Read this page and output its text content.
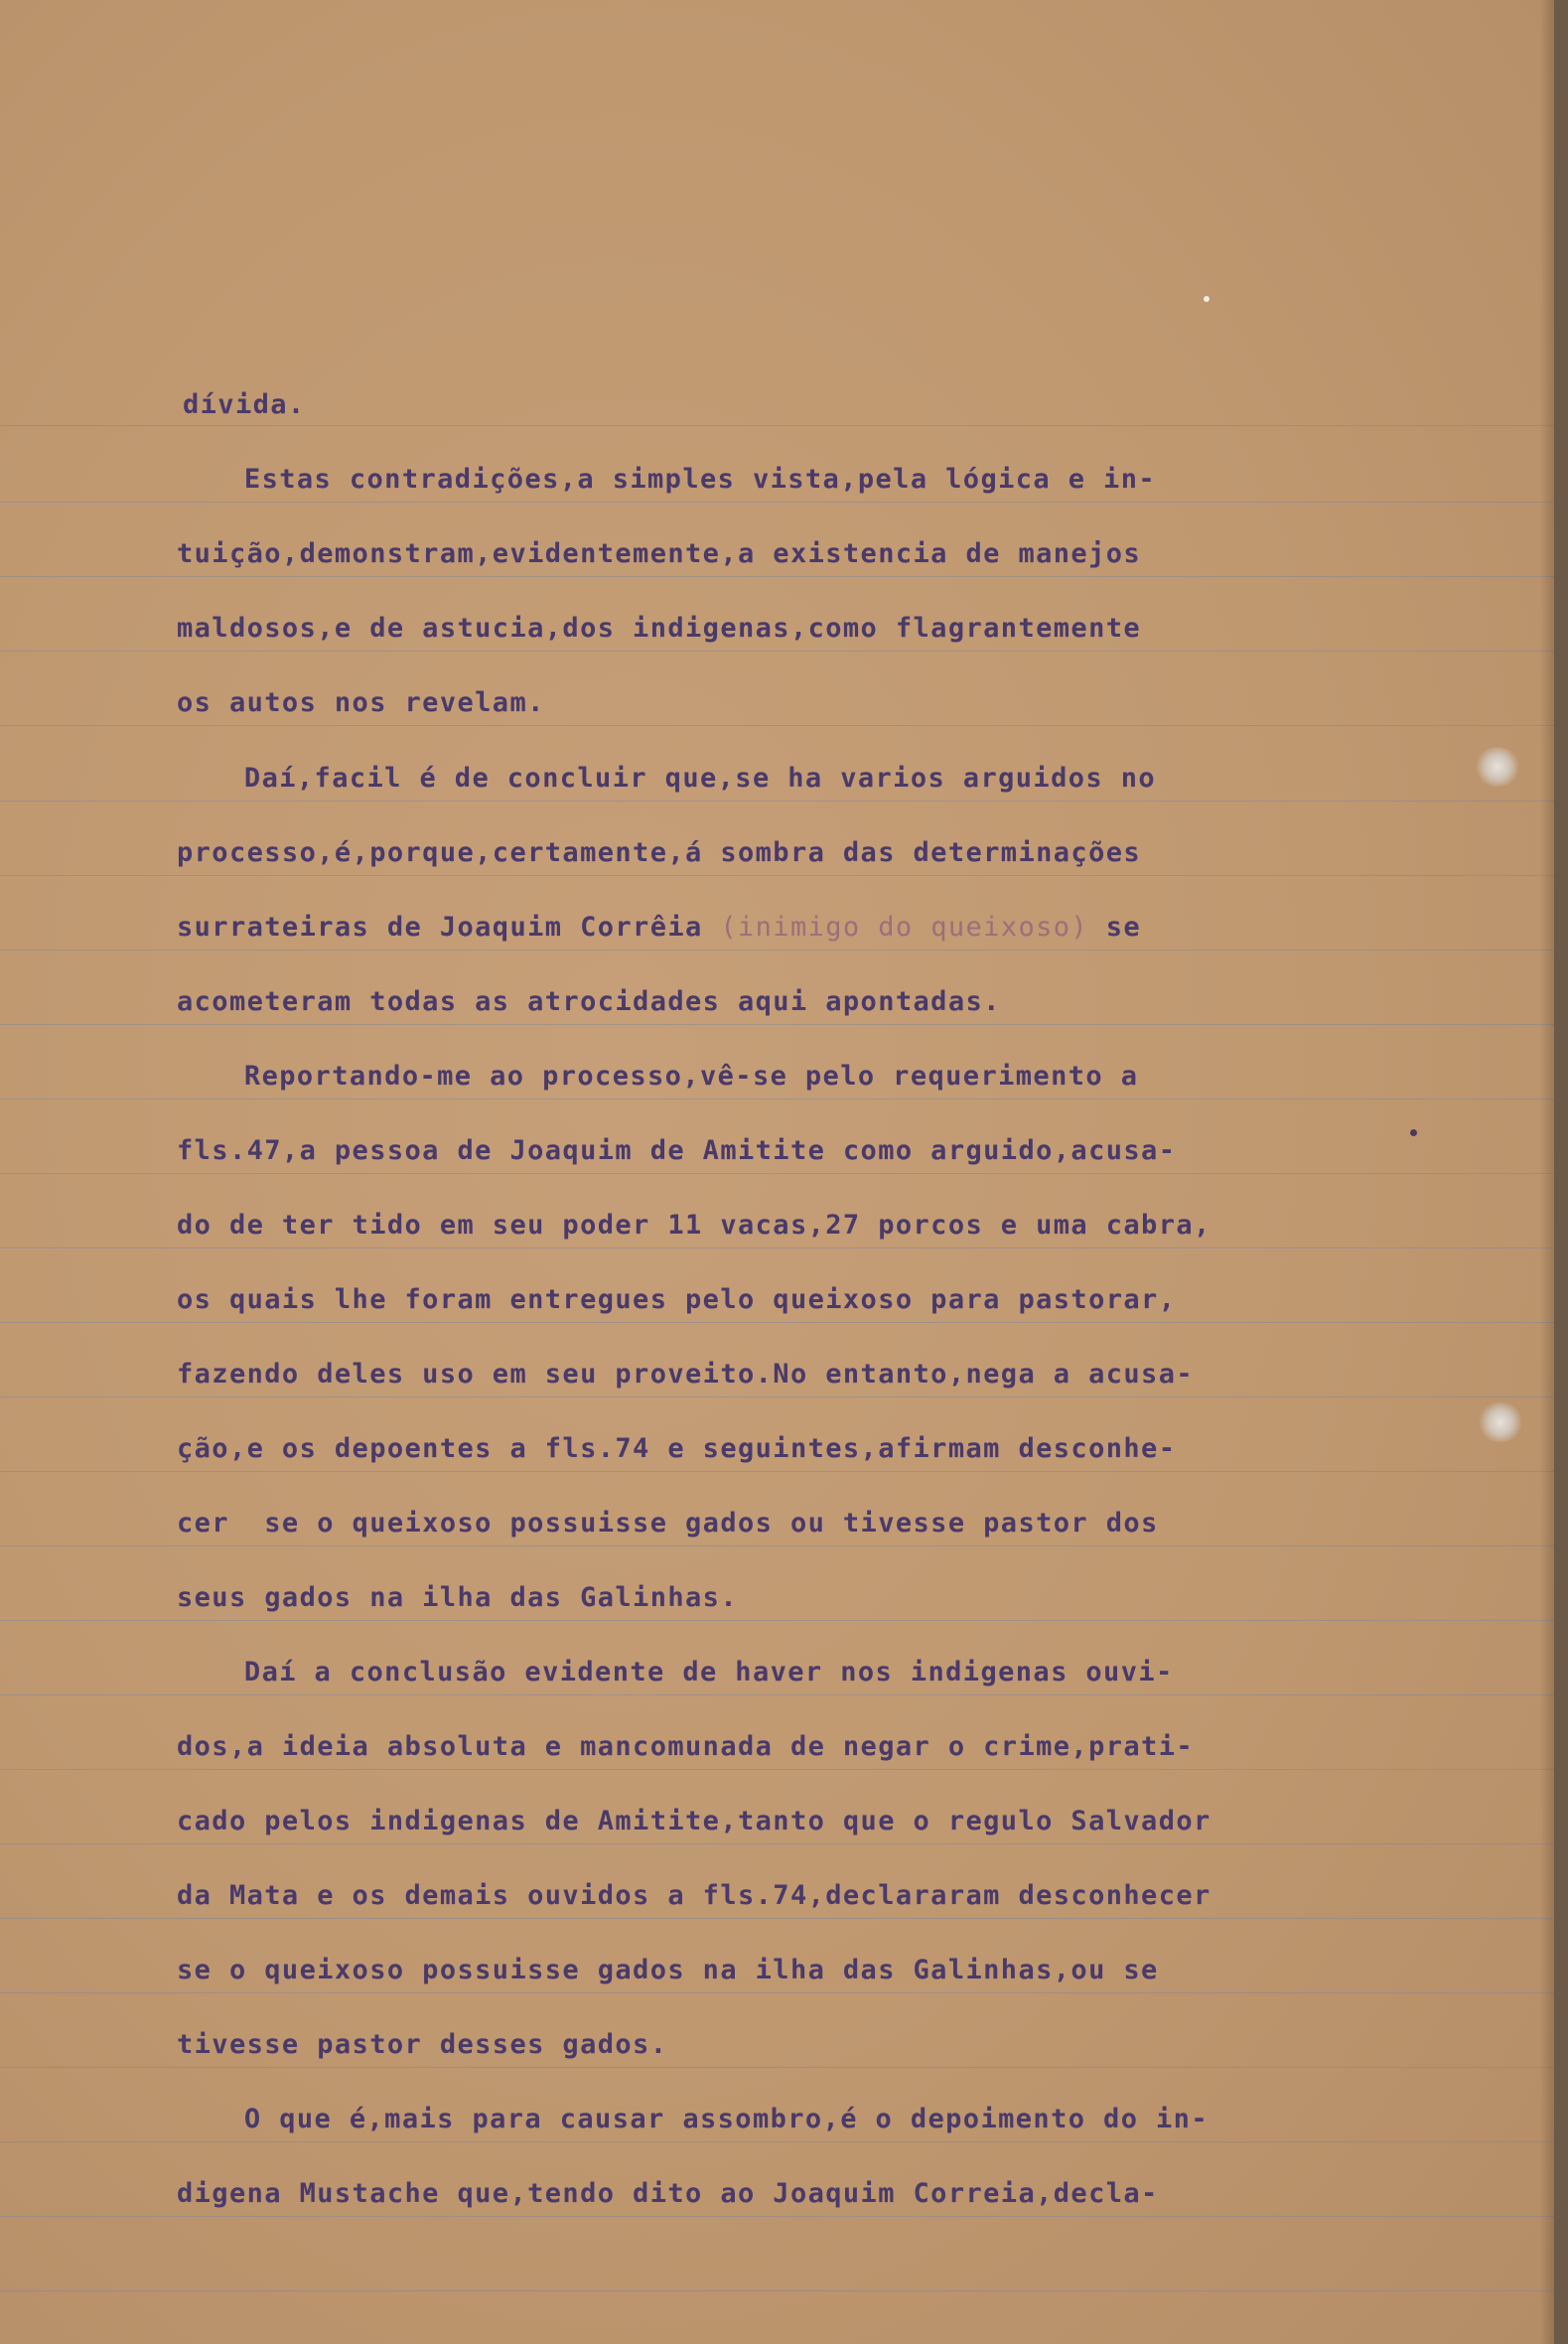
dívida.
Estas contradições,a simples vista,pela lógica e in-
tuição,demonstram,evidentemente,a existencia de manejos
maldosos,e de astucia,dos indigenas,como flagrantemente
os autos nos revelam.
Daí,facil é de concluir que,se ha varios arguidos no
processo,é,porque,certamente,á sombra das determinações
surrateiras de Joaquim Corrêia (inimigo do queixoso) se
acometeram todas as atrocidades aqui apontadas.
Reportando-me ao processo,vê-se pelo requerimento a
fls.47,a pessoa de Joaquim de Amitite como arguido,acusa-
do de ter tido em seu poder 11 vacas,27 porcos e uma cabra,
os quais lhe foram entregues pelo queixoso para pastorar,
fazendo deles uso em seu proveito.No entanto,nega a acusa-
ção,e os depoentes a fls.74 e seguintes,afirmam desconhe-
cer  se o queixoso possuisse gados ou tivesse pastor dos
seus gados na ilha das Galinhas.
Daí a conclusão evidente de haver nos indigenas ouvi-
dos,a ideia absoluta e mancomunada de negar o crime,prati-
cado pelos indigenas de Amitite,tanto que o regulo Salvador
da Mata e os demais ouvidos a fls.74,declararam desconhecer
se o queixoso possuisse gados na ilha das Galinhas,ou se
tivesse pastor desses gados.
O que é,mais para causar assombro,é o depoimento do in-
digena Mustache que,tendo dito ao Joaquim Correia,decla-
